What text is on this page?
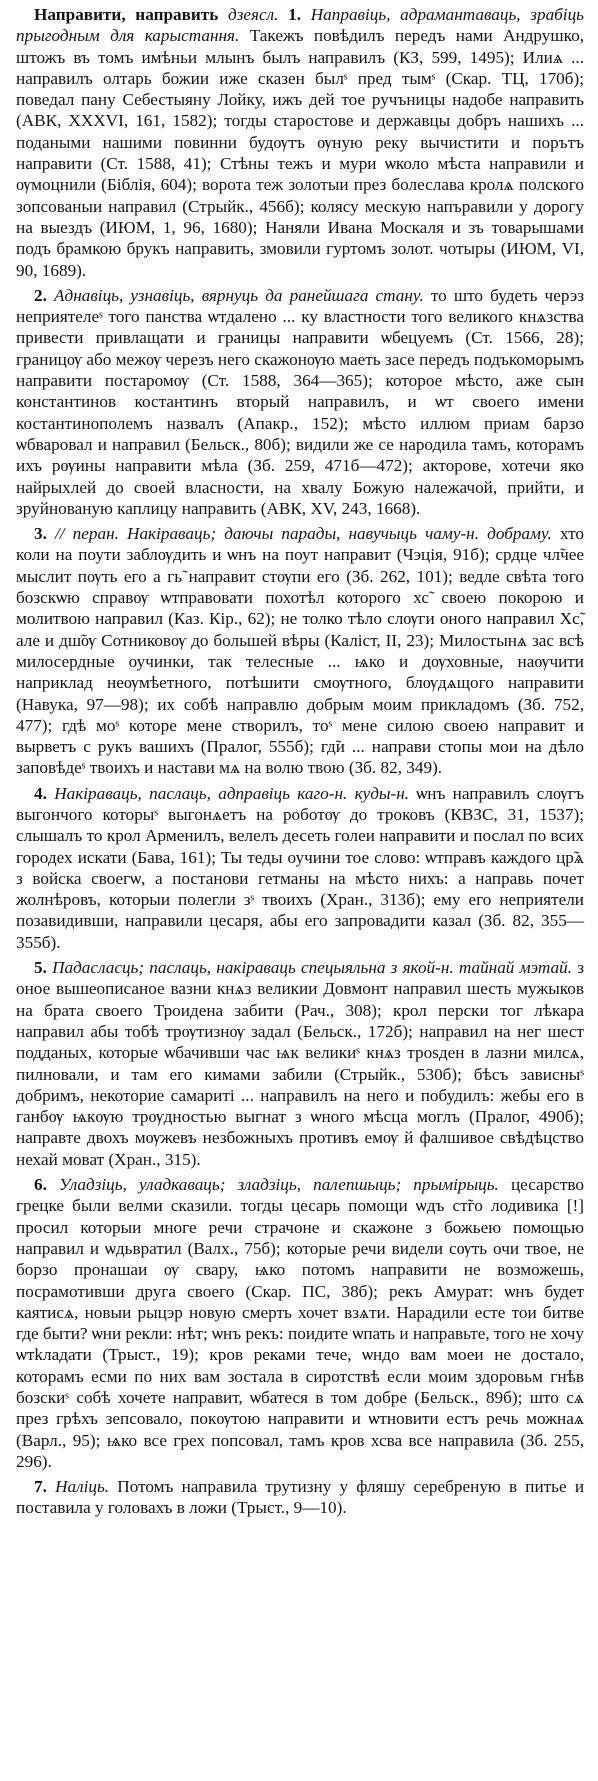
Направити, направить дзеясл. 1. Направіць, адрамантаваць, зрабіць прыгодным для карыстання. Такежъ повѣдилъ передъ нами Андрушко, штожъ въ томъ имѣньи млынъ былъ направилъ (КЗ, 599, 1495); Илиѧ ... направилъ олтарь божии иже сказен былˢ пред тымˢ (Скар. ТЦ, 170б); поведал пану Себестыяну Лойку, ижъ дей тое ручъницы надобе направить (АВК, XXXVI, 161, 1582); тогды старостове и державцы добръ нашихъ ... подаными нашими повинни будѹтъ ѹную реку вычистити и порътъ направити (Ст. 1588, 41); Стѣны тежъ и мури ѡколо мѣста направили и ѹмоцнили (Біблія, 604); ворота теж золотыи през болеслава кролѧ полского зопсованыи направил (Стрыйк., 456б); колясу мескую напъравили у дорогу на выездъ (ИЮМ, 1, 96, 1680); Наняли Ивана Москаля и зъ товарышами подъ брамкою брукъ направить, змовили гуртомъ золот. чотыры (ИЮМ, VI, 90, 1689).

2. Аднавіць, узнавіць, вярнуць да ранейшага стану. то што будеть черэз неприятелеˢ того панства ѡтдалено ... ку властности того великого кнѧзства привести привлащати и границы направити ѡбецуемъ (Ст. 1566, 28); границѹ або межѹ черезъ него скажонѹю маеть засе передъ подъкоморымъ направити постаромѹ (Ст. 1588, 364—365); которое мѣсто, аже сын константинов костантинъ вторый направилъ, и ѡт своего имени костантинополемъ назвалъ (Апакр., 152); мѣсто иллюм приам барзо ѡбваровал и направил (Бельск., 80б); видили же се народила тамъ, которамъ ихъ рѹины направити мѣла (Зб. 259, 471б—472); акторове, хотечи яко найрыхлей до своей власности, на хвалу Божую належачой, прийти, и зруйнованую каплицу направить (АВК, XV, 243, 1668).

3. // перан. Накіраваць; даючы парады, навучыць чаму-н. добраму. хто коли на поути заблѹдить и ѡнъ на поут направит (Чэція, 91б); срдце чл̃чее мыслит пѹть его а гь̃ направит стѹпи его (Зб. 262, 101); ведле свѣта того бозскѡю справѹ ѡтправовати похотѣл которого хс̃ своею покорою и молитвою направил (Каз. Кір., 62); не толко тѣло слѹги оного направил Хс̃, але и дш̃ѹ Сотниковѹ до большей вѣры (Каліст, II, 23); Милостынѧ зас всѣ милосердные оучинки, так телесные ... ѩко и дѹховные, наѹчити наприклад неѹмѣетного, потѣшити смѹтного, блѹдѧщого направити (Навука, 97—98); их собѣ направлю добрым моим прикладомъ (Зб. 752, 477); гдѣ моˢ которе мене створилъ, тоˢ мене силою своею направит и вырветъ с рукъ вашихъ (Пралог, 555б); гд̃и ... направи стопы мои на дѣло заповѣдеˢ твоихъ и настави мѧ на волю твою (Зб. 82, 349).

4. Накіраваць, паслаць, адправіць каго-н. куды-н. ѡнъ направилъ слѹгъ выгончого которыˢ выгонѧетъ на роботѹ до троковъ (КВЗС, 31, 1537); слышалъ то крол Арменилъ, велелъ десеть голеи направити и послал по всих городех искати (Бава, 161); Ты теды оучини тое слово: ѡтправъ каждого цр̃ѧ з войска своегѡ, а постанови гетманы на мѣсто нихъ: а направь почет жолнѣровъ, которыи полегли зˢ твоихъ (Хран., 313б); ему его неприятели позавидивши, направили цесаря, абы его запровадити казал (Зб. 82, 355—355б).

5. Падасласць; паслаць, накіраваць спецыяльна з якой-н. тайнай мэтай. з оное вышеописаное вазни кнѧз великии Довмонт направил шесть мужыков на брата своего Троидена забити (Рач., 308); крол перски тог лѣкара направил абы тобѣ трѹтизнѹ задал (Бельск., 172б); направил на нег шест подданых, которые ѡбачивши час ѩк великиˢ кнѧз троѕден в лазни милсѧ, пилновали, и там его кимами забили (Стрыйк., 530б); бѣсъ зависныˢ добримъ, некоторие самаритi ... направилъ на него и побудилъ: жебы его в ганбѹ ѩкѹю трѹдностью выгнат з ѡного мѣсца моглъ (Пралог, 490б); направте двохъ мѹжевъ незбожныхъ противъ емѹ й фалшивое свѣдѣцство нехай моват (Хран., 315).

6. Уладзіць, уладкаваць; зладзіць, палепшыць; прымірыць. цесарство грецке были велми сказили. тогды цесарь помощи ѡдъ ст̃го лодивика [!] просил которыи многе речи страчоне и скажоне з божьею помощью направил и ѡдьвратил (Валх., 75б); которые речи видели сѹть очи твое, не борзо пронашаи ѹ свару, ѩко потомъ направити не возможешь, посрамотивши друга своего (Скар. ПС, 38б); рекъ Амурат: ѡнъ будет каятисѧ, новыи рыцэр новую смерть хочет взѧти. Нарадили есте тои битве где быти? ѡни рекли: нѣт; ѡнъ рекъ: поидите ѡпать и направьте, того не хочу ѡтkладати (Трыст., 19); кров реками тече, ѡндо вам моеи не достало, которамъ есми по них вам зостала в сиротствѣ если моим здоровьм гнѣв бозскиˢ собѣ хочете направит, ѡбатеся в том добре (Бельск., 89б); што сѧ през грѣхъ зепсовало, покѹтою направити и ѡтновити естъ речь можнаѧ (Варл., 95); ѩко все грех попсовал, тамъ кров хсва все направила (Зб. 255, 296).

7. Наліць. Потомъ направила трутизну у фляшу серебреную в питье и поставила у головахъ в ложи (Трыст., 9—10).
